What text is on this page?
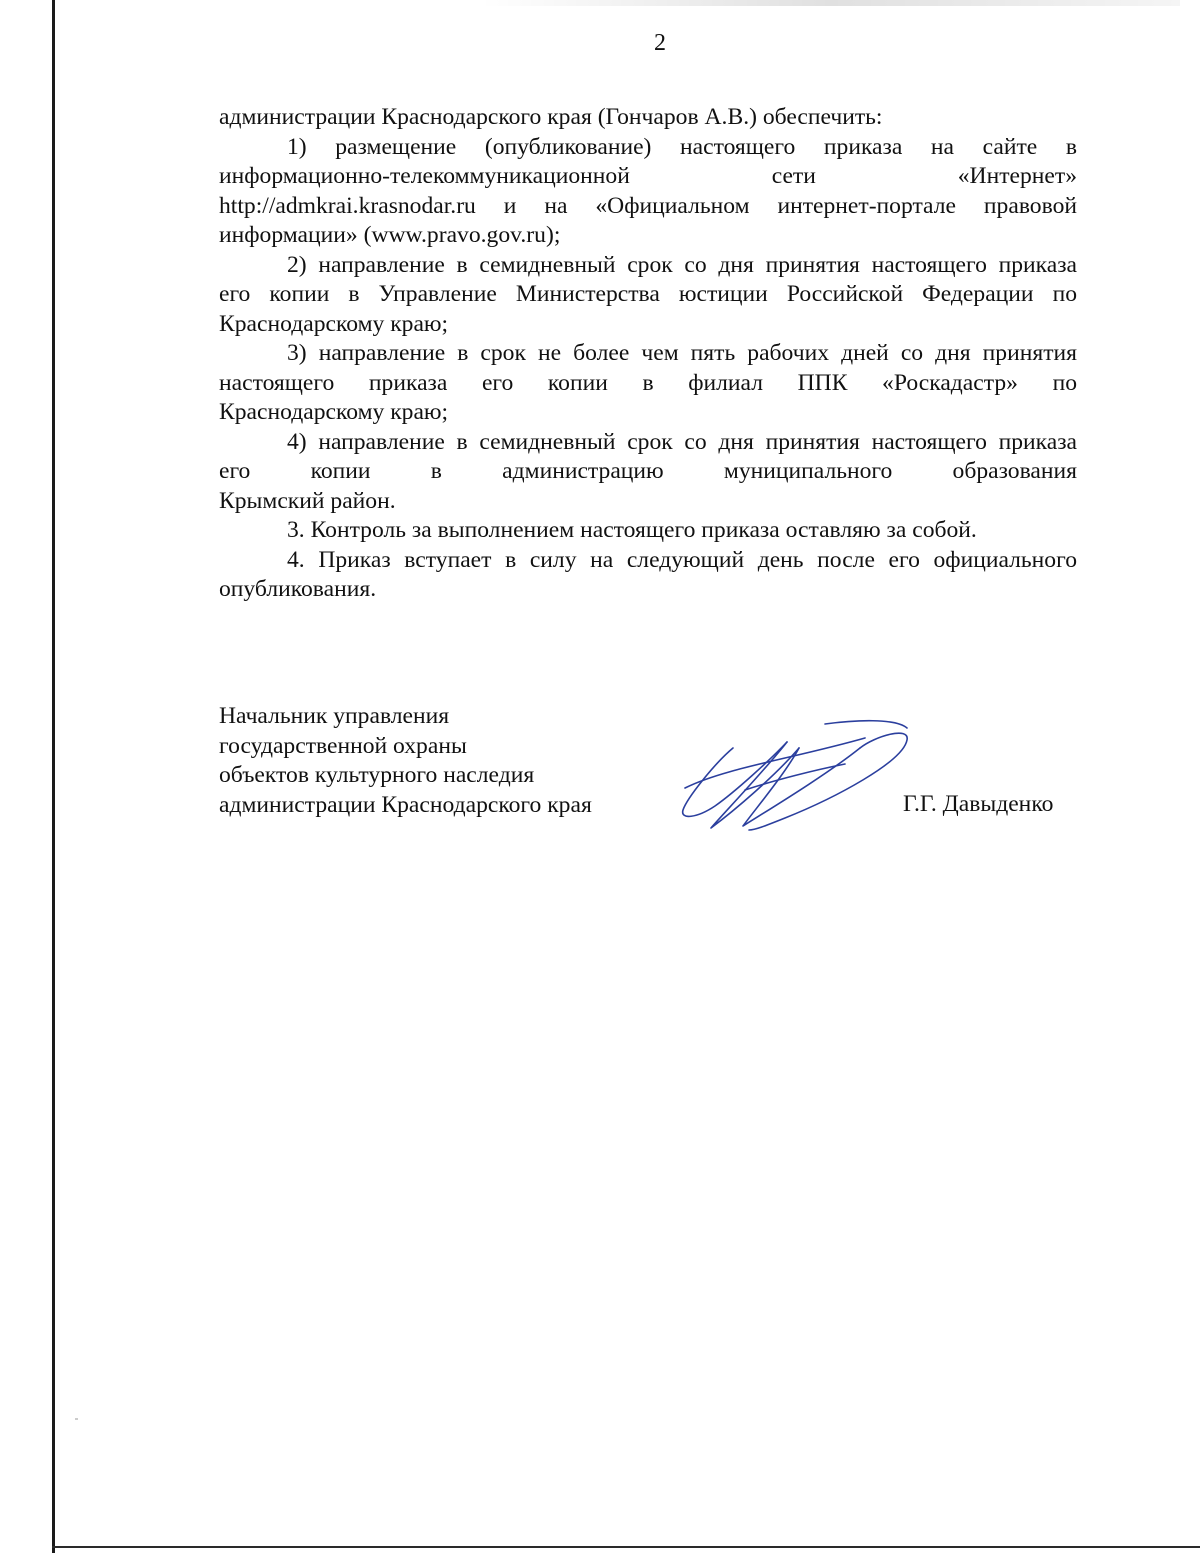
2
администрации Краснодарского края (Гончаров А.В.) обеспечить:
1) размещение (опубликование) настоящего приказа на сайте в
информационно-телекоммуникационной сети «Интернет»
http://admkrai.krasnodar.ru и на «Официальном интернет-портале правовой
информации» (www.pravo.gov.ru);
2) направление в семидневный срок со дня принятия настоящего приказа
его копии в Управление Министерства юстиции Российской Федерации по
Краснодарскому краю;
3) направление в срок не более чем пять рабочих дней со дня принятия
настоящего приказа его копии в филиал ППК «Роскадастр» по
Краснодарскому краю;
4) направление в семидневный срок со дня принятия настоящего приказа
его копии в администрацию муниципального образования
Крымский район.
3. Контроль за выполнением настоящего приказа оставляю за собой.
4. Приказ вступает в силу на следующий день после его официального
опубликования.
Начальник управления
государственной охраны
объектов культурного наследия
администрации Краснодарского края	Г.Г. Давыденко
